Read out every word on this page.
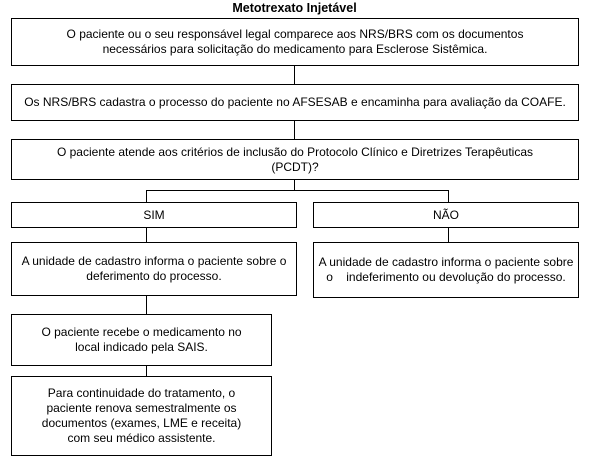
Metotrexato Injetável
O paciente ou o seu responsável legal comparece aos NRS/BRS com os documentos necessários para solicitação do medicamento para Esclerose Sistêmica.
Os NRS/BRS cadastra o processo do paciente no AFSESAB e encaminha para avaliação da COAFE.
O paciente atende aos critérios de inclusão do Protocolo Clínico e Diretrizes Terapêuticas (PCDT)?
SIM	NÃO
A unidade de cadastro informa o paciente sobre o deferimento do processo.
O paciente recebe o medicamento no local indicado pela SAIS.
Para continuidade do tratamento, o paciente renova semestralmente os documentos (exames, LME e receita) com seu médico assistente.
A unidade de cadastro informa o paciente sobre o    indeferimento ou devolução do processo.
